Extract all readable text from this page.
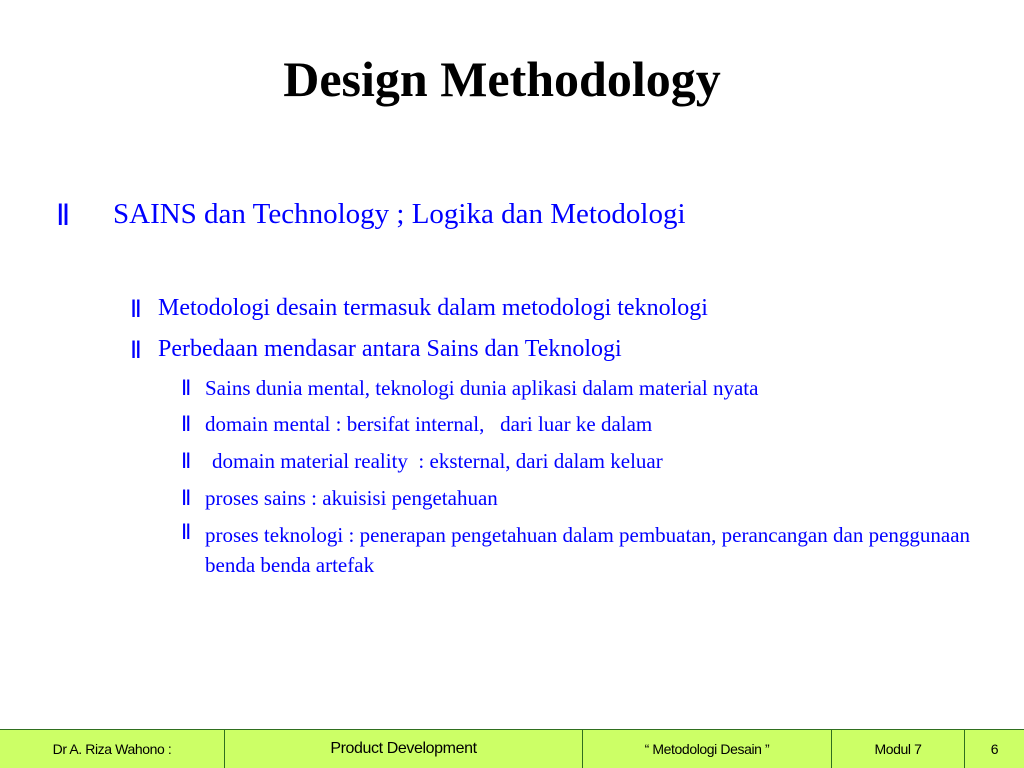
Design Methodology
Ⅱ SAINS dan Technology ; Logika dan Metodologi
Ⅱ Metodologi desain termasuk dalam metodologi teknologi
Ⅱ Perbedaan mendasar antara Sains dan Teknologi
Ⅱ Sains dunia mental, teknologi dunia aplikasi dalam material nyata
Ⅱ domain mental : bersifat internal,   dari luar ke dalam
Ⅱ domain material reality  : eksternal, dari dalam keluar
Ⅱ proses sains : akuisisi pengetahuan
Ⅱ proses teknologi : penerapan pengetahuan dalam pembuatan, perancangan dan penggunaan benda benda artefak
Dr A. Riza Wahono :	Product Development	“ Metodologi Desain ”	Modul 7	6
